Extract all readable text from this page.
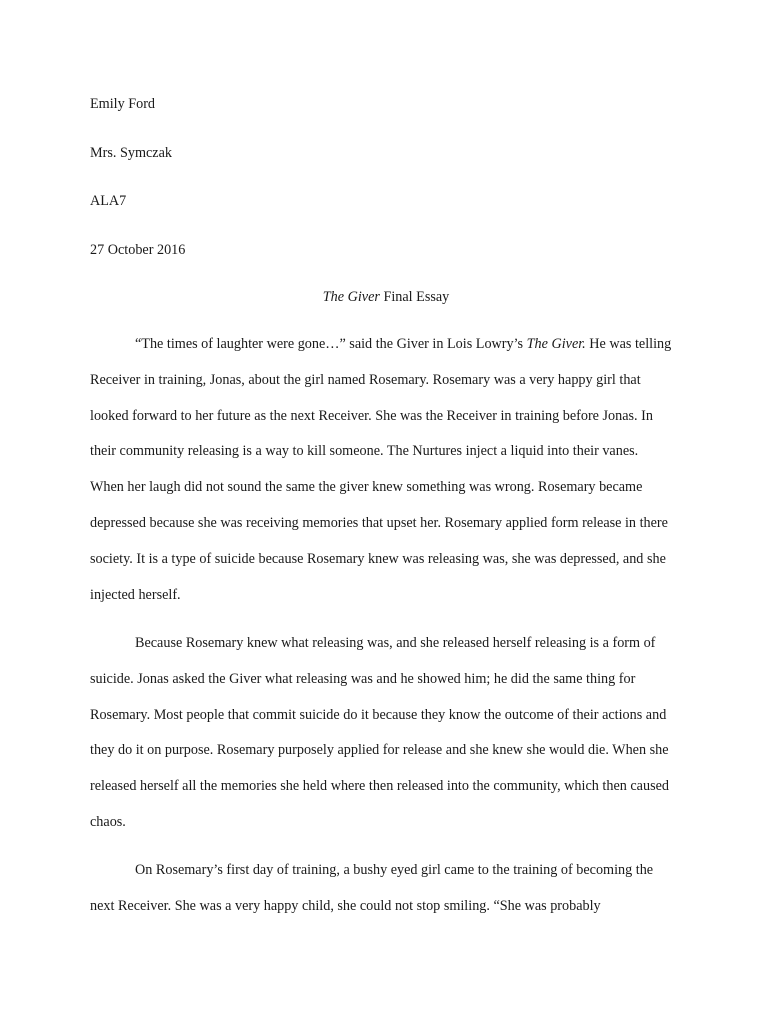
Emily Ford

Mrs. Symczak

ALA7

27 October 2016

The Giver Final Essay

“The times of laughter were gone…” said the Giver in Lois Lowry’s The Giver. He was telling Receiver in training, Jonas, about the girl named Rosemary. Rosemary was a very happy girl that looked forward to her future as the next Receiver. She was the Receiver in training before Jonas. In their community releasing is a way to kill someone. The Nurtures inject a liquid into their vanes. When her laugh did not sound the same the giver knew something was wrong. Rosemary became depressed because she was receiving memories that upset her. Rosemary applied form release in there society. It is a type of suicide because Rosemary knew was releasing was, she was depressed, and she injected herself.

Because Rosemary knew what releasing was, and she released herself releasing is a form of suicide. Jonas asked the Giver what releasing was and he showed him; he did the same thing for Rosemary. Most people that commit suicide do it because they know the outcome of their actions and they do it on purpose. Rosemary purposely applied for release and she knew she would die. When she released herself all the memories she held where then released into the community, which then caused chaos.

On Rosemary’s first day of training, a bushy eyed girl came to the training of becoming the next Receiver. She was a very happy child, she could not stop smiling. “She was probably
